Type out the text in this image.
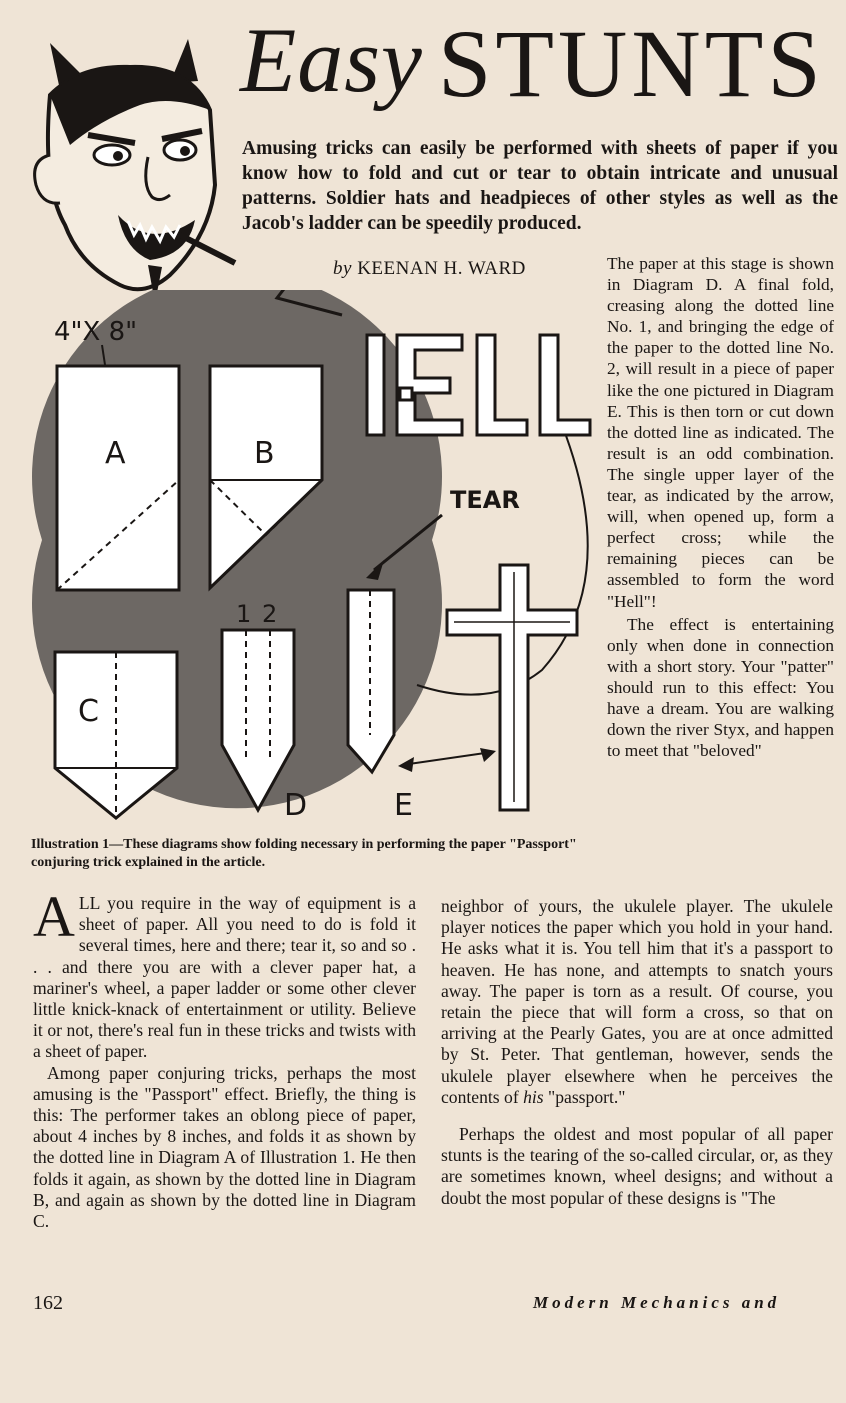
Easy STUNTS
Amusing tricks can easily be performed with sheets of paper if you know how to fold and cut or tear to obtain intricate and unusual patterns. Soldier hats and headpieces of other styles as well as the Jacob's ladder can be speedily produced.
by KEENAN H. WARD
4"X 8"
A	B
C
1 2
D
TEAR
E

The paper at this stage is shown in Diagram D. A final fold, creasing along the dotted line No. 1, and bringing the edge of the paper to the dotted line No. 2, will result in a piece of paper like the one pictured in Diagram E. This is then torn or cut down the dotted line as indicated. The result is an odd combination. The single upper layer of the tear, as indicated by the arrow, will, when opened up, form a perfect cross; while the remaining pieces can be assembled to form the word "Hell"!

The effect is entertaining only when done in connection with a short story. Your "patter" should run to this effect: You have a dream. You are walking down the river Styx, and happen to meet that "beloved"

Illustration 1—These diagrams show folding necessary in performing the paper "Passport" conjuring trick explained in the article.

ALL you require in the way of equipment is a sheet of paper. All you need to do is fold it several times, here and there; tear it, so and so . . . and there you are with a clever paper hat, a mariner's wheel, a paper ladder or some other clever little knick-knack of entertainment or utility. Believe it or not, there's real fun in these tricks and twists with a sheet of paper.

Among paper conjuring tricks, perhaps the most amusing is the "Passport" effect. Briefly, the thing is this: The performer takes an oblong piece of paper, about 4 inches by 8 inches, and folds it as shown by the dotted line in Diagram A of Illustration 1. He then folds it again, as shown by the dotted line in Diagram B, and again as shown by the dotted line in Diagram C.

neighbor of yours, the ukulele player. The ukulele player notices the paper which you hold in your hand. He asks what it is. You tell him that it's a passport to heaven. He has none, and attempts to snatch yours away. The paper is torn as a result. Of course, you retain the piece that will form a cross, so that on arriving at the Pearly Gates, you are at once admitted by St. Peter. That gentleman, however, sends the ukulele player elsewhere when he perceives the contents of his "passport."

Perhaps the oldest and most popular of all paper stunts is the tearing of the so-called circular, or, as they are sometimes known, wheel designs; and without a doubt the most popular of these designs is "The

162	Modern Mechanics and
